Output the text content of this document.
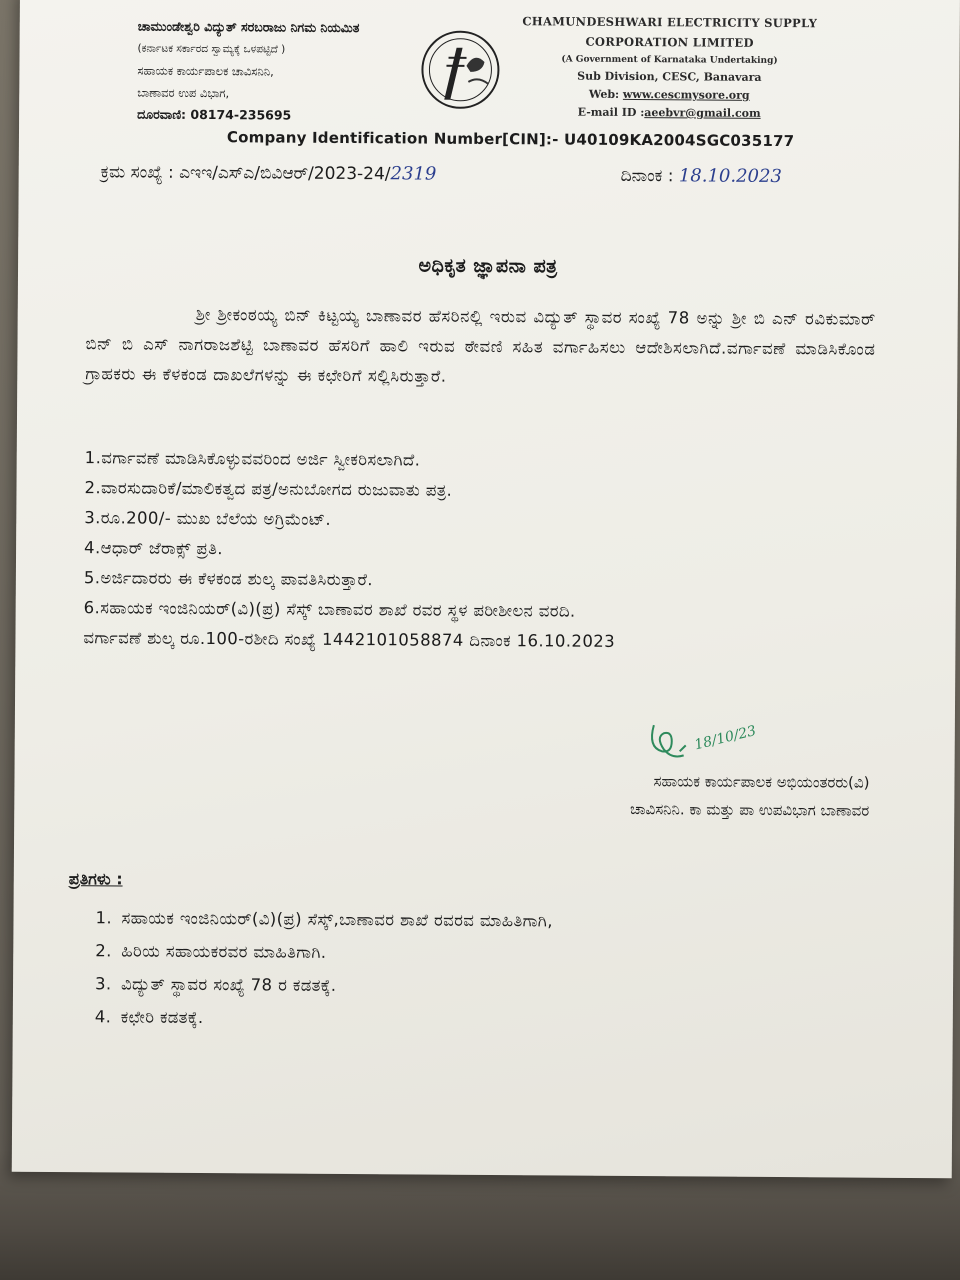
ಚಾಮುಂಡೇಶ್ವರಿ ವಿದ್ಯುತ್ ಸರಬರಾಜು ನಿಗಮ ನಿಯಮಿತ
(ಕರ್ನಾಟಕ ಸರ್ಕಾರದ ಸ್ವಾಮ್ಯಕ್ಕೆ ಒಳಪಟ್ಟಿದೆ )
ಸಹಾಯಕ ಕಾರ್ಯಪಾಲಕ ಚಾವಿಸನಿನಿ,
ಬಾಣಾವರ ಉಪ ವಿಭಾಗ,
ದೂರವಾಣಿ: 08174-235695
CHAMUNDESHWARI ELECTRICITY SUPPLY
CORPORATION LIMITED
(A Government of Karnataka Undertaking)
Sub Division, CESC, Banavara
Web: www.cescmysore.org
E-mail ID :aeebvr@gmail.com
Company Identification Number[CIN]:- U40109KA2004SGC035177
ಕ್ರಮ ಸಂಖ್ಯೆ : ಎಇಇ/ಎಸ್ಎ/ಬಿವಿಆರ್/2023-24/2319	ದಿನಾಂಕ : 18.10.2023
ಅಧಿಕೃತ ಜ್ಞಾಪನಾ ಪತ್ರ
ಶ್ರೀ ಶ್ರೀಕಂಠಯ್ಯ ಬಿನ್ ಕಿಟ್ಟಯ್ಯ ಬಾಣಾವರ ಹೆಸರಿನಲ್ಲಿ ಇರುವ ವಿದ್ಯುತ್ ಸ್ಥಾವರ ಸಂಖ್ಯೆ 78 ಅನ್ನು ಶ್ರೀ ಬಿ ಎನ್ ರವಿಕುಮಾರ್ ಬಿನ್ ಬಿ ಎಸ್ ನಾಗರಾಜಶೆಟ್ಟಿ ಬಾಣಾವರ ಹೆಸರಿಗೆ ಹಾಲಿ ಇರುವ ಠೇವಣಿ ಸಹಿತ ವರ್ಗಾಹಿಸಲು ಆದೇಶಿಸಲಾಗಿದೆ.ವರ್ಗಾವಣೆ ಮಾಡಿಸಿಕೊಂಡ ಗ್ರಾಹಕರು ಈ ಕೆಳಕಂಡ ದಾಖಲೆಗಳನ್ನು ಈ ಕಛೇರಿಗೆ ಸಲ್ಲಿಸಿರುತ್ತಾರೆ.
1.ವರ್ಗಾವಣೆ ಮಾಡಿಸಿಕೊಳ್ಳುವವರಿಂದ ಅರ್ಜಿ ಸ್ವೀಕರಿಸಲಾಗಿದೆ.
2.ವಾರಸುದಾರಿಕೆ/ಮಾಲಿಕತ್ವದ ಪತ್ರ/ಅನುಬೋಗದ ರುಜುವಾತು ಪತ್ರ.
3.ರೂ.200/- ಮುಖ ಬೆಲೆಯ ಅಗ್ರಿಮೆಂಟ್.
4.ಆಧಾರ್ ಜೆರಾಕ್ಸ್ ಪ್ರತಿ.
5.ಅರ್ಜಿದಾರರು ಈ ಕೆಳಕಂಡ ಶುಲ್ಕ ಪಾವತಿಸಿರುತ್ತಾರೆ.
6.ಸಹಾಯಕ ಇಂಜಿನಿಯರ್(ವಿ)(ಪ್ರ) ಸೆಸ್ಕ್ ಬಾಣಾವರ ಶಾಖೆ ರವರ ಸ್ಥಳ ಪರೀಶೀಲನ ವರದಿ.
ವರ್ಗಾವಣೆ ಶುಲ್ಕ ರೂ.100-ರಶೀದಿ ಸಂಖ್ಯೆ 1442101058874 ದಿನಾಂಕ 16.10.2023
18/10/23
ಸಹಾಯಕ ಕಾರ್ಯಪಾಲಕ ಅಭಿಯಂತರರು(ವಿ)
ಚಾವಿಸನಿನಿ. ಕಾ ಮತ್ತು ಪಾ ಉಪವಿಭಾಗ ಬಾಣಾವರ
ಪ್ರತಿಗಳು :
1. ಸಹಾಯಕ ಇಂಜಿನಿಯರ್(ವಿ)(ಪ್ರ) ಸೆಸ್ಕ್,ಬಾಣಾವರ ಶಾಖೆ ರವರವ ಮಾಹಿತಿಗಾಗಿ,
2. ಹಿರಿಯ ಸಹಾಯಕರವರ ಮಾಹಿತಿಗಾಗಿ.
3. ವಿದ್ಯುತ್ ಸ್ಥಾವರ ಸಂಖ್ಯೆ 78 ರ ಕಡತಕ್ಕೆ.
4. ಕಛೇರಿ ಕಡತಕ್ಕೆ.
